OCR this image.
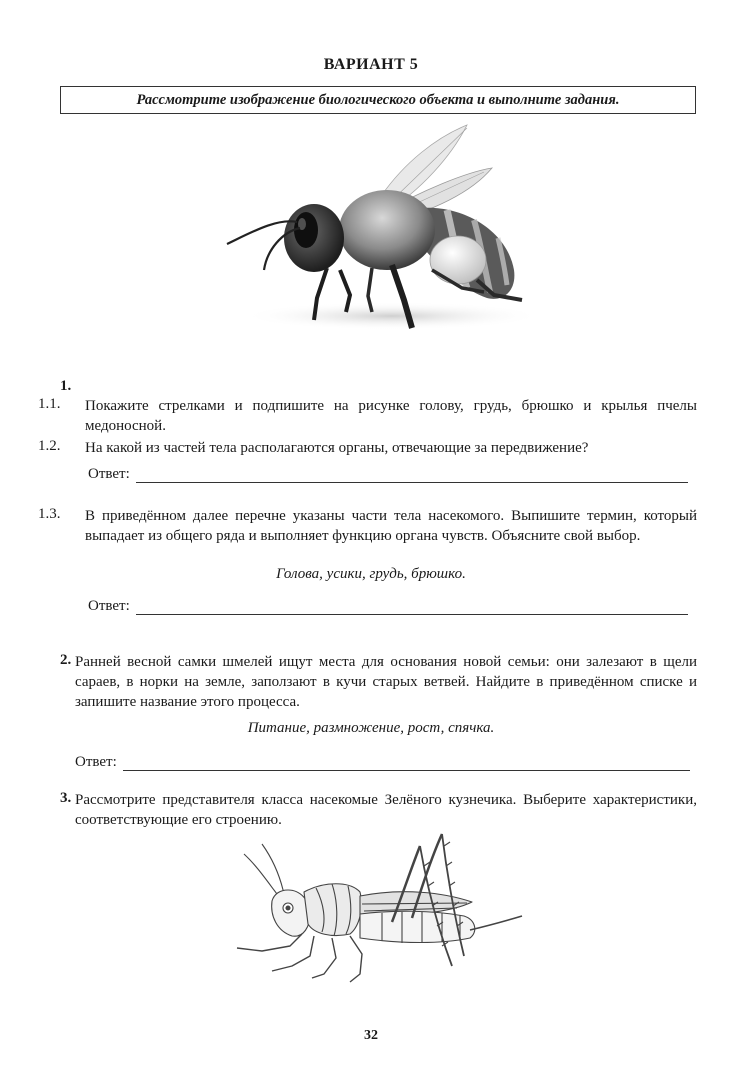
ВАРИАНТ 5
Рассмотрите изображение биологического объекта и выполните задания.
1.
1.1. Покажите стрелками и подпишите на рисунке голову, грудь, брюшко и крылья пчелы медоносной.
1.2. На какой из частей тела располагаются органы, отвечающие за передвижение?
Ответ:
1.3. В приведённом далее перечне указаны части тела насекомого. Выпишите термин, который выпадает из общего ряда и выполняет функцию органа чувств. Объясните свой выбор.
Голова, усики, грудь, брюшко.
Ответ:
2. Ранней весной самки шмелей ищут места для основания новой семьи: они залезают в щели сараев, в норки на земле, заползают в кучи старых ветвей. Найдите в приведённом списке и запишите название этого процесса.
Питание, размножение, рост, спячка.
Ответ:
3. Рассмотрите представителя класса насекомые Зелёного кузнечика. Выберите характеристики, соответствующие его строению.
32
